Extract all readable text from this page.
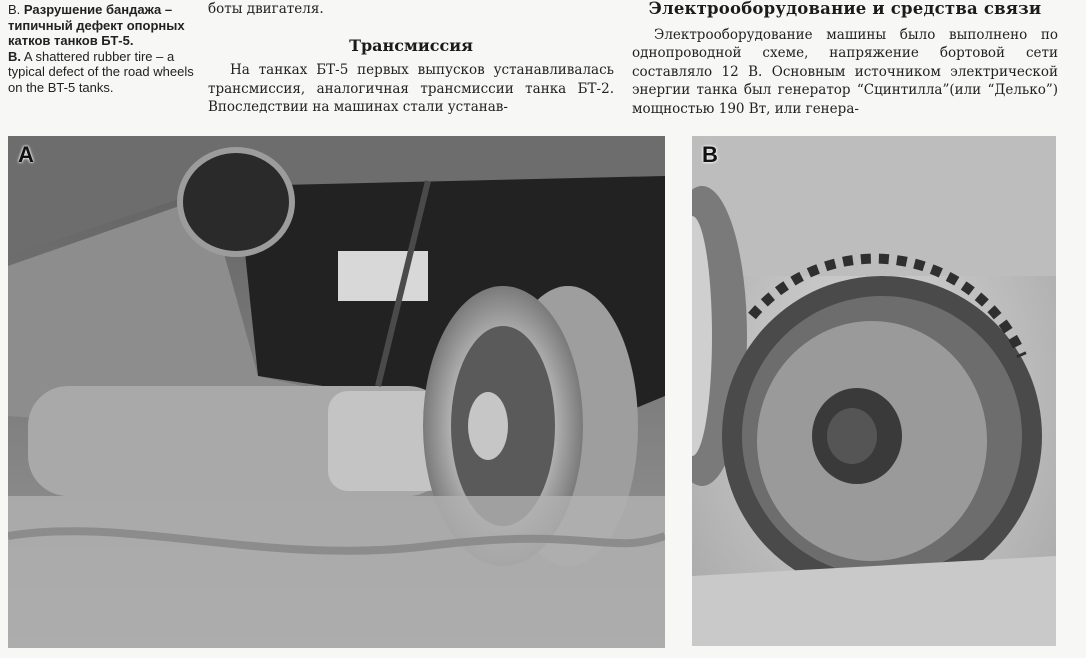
В. Разрушение бандажа – типичный дефект опорных катков танков БТ-5.

B. A shattered rubber tire – a typical defect of the road wheels on the BT-5 tanks.

боты двигателя.

Трансмиссия

На танках БТ-5 первых выпусков устанавливалась трансмиссия, аналогичная трансмиссии танка БТ-2. Впоследствии на машинах стали устанав-

Электрооборудование и средства связи

Электрооборудование машины было выполнено по однопроводной схеме, напряжение бортовой сети составляло 12 В. Основным источником электрической энергии танка был генератор “Сцинтилла”(или “Делько”) мощностью 190 Вт, или генера-

A	B
